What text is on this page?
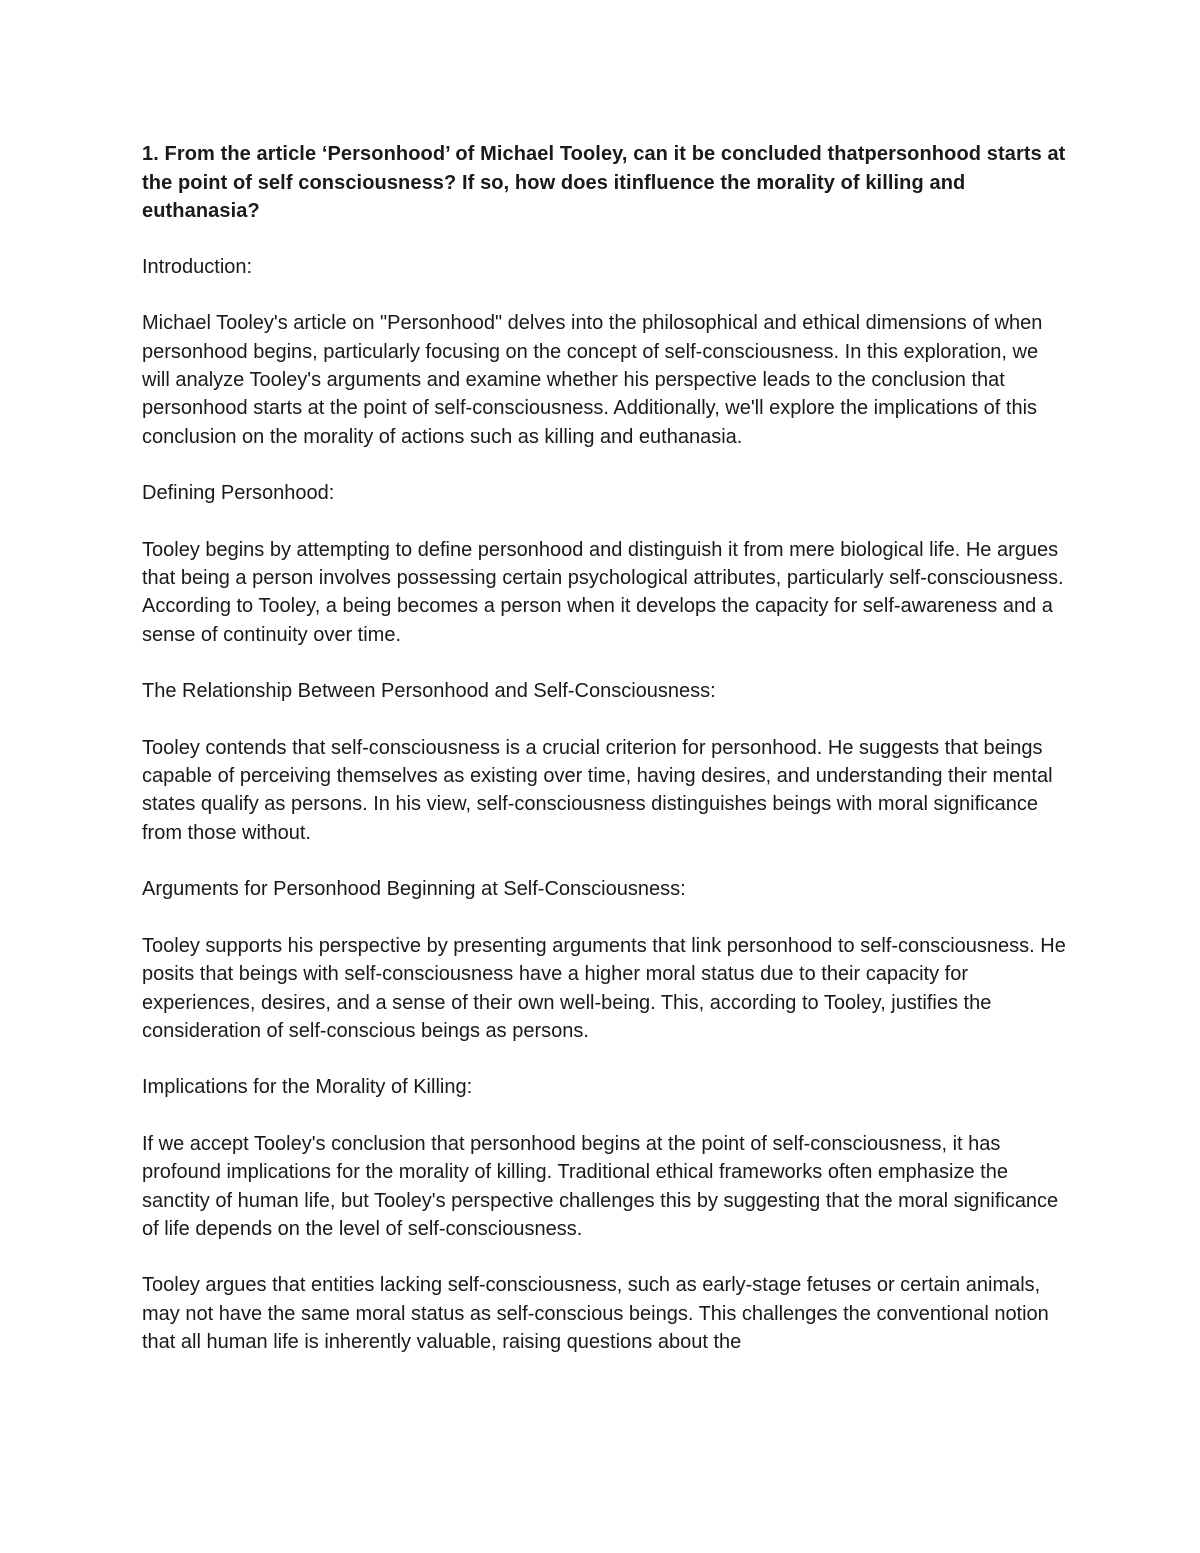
1. From the article ‘Personhood’ of Michael Tooley, can it be concluded thatpersonhood starts at the point of self consciousness? If so, how does itinfluence the morality of killing and euthanasia?
Introduction:
Michael Tooley's article on "Personhood" delves into the philosophical and ethical dimensions of when personhood begins, particularly focusing on the concept of self-consciousness. In this exploration, we will analyze Tooley's arguments and examine whether his perspective leads to the conclusion that personhood starts at the point of self-consciousness. Additionally, we'll explore the implications of this conclusion on the morality of actions such as killing and euthanasia.
Defining Personhood:
Tooley begins by attempting to define personhood and distinguish it from mere biological life. He argues that being a person involves possessing certain psychological attributes, particularly self-consciousness. According to Tooley, a being becomes a person when it develops the capacity for self-awareness and a sense of continuity over time.
The Relationship Between Personhood and Self-Consciousness:
Tooley contends that self-consciousness is a crucial criterion for personhood. He suggests that beings capable of perceiving themselves as existing over time, having desires, and understanding their mental states qualify as persons. In his view, self-consciousness distinguishes beings with moral significance from those without.
Arguments for Personhood Beginning at Self-Consciousness:
Tooley supports his perspective by presenting arguments that link personhood to self-consciousness. He posits that beings with self-consciousness have a higher moral status due to their capacity for experiences, desires, and a sense of their own well-being. This, according to Tooley, justifies the consideration of self-conscious beings as persons.
Implications for the Morality of Killing:
If we accept Tooley's conclusion that personhood begins at the point of self-consciousness, it has profound implications for the morality of killing. Traditional ethical frameworks often emphasize the sanctity of human life, but Tooley's perspective challenges this by suggesting that the moral significance of life depends on the level of self-consciousness.
Tooley argues that entities lacking self-consciousness, such as early-stage fetuses or certain animals, may not have the same moral status as self-conscious beings. This challenges the conventional notion that all human life is inherently valuable, raising questions about the
